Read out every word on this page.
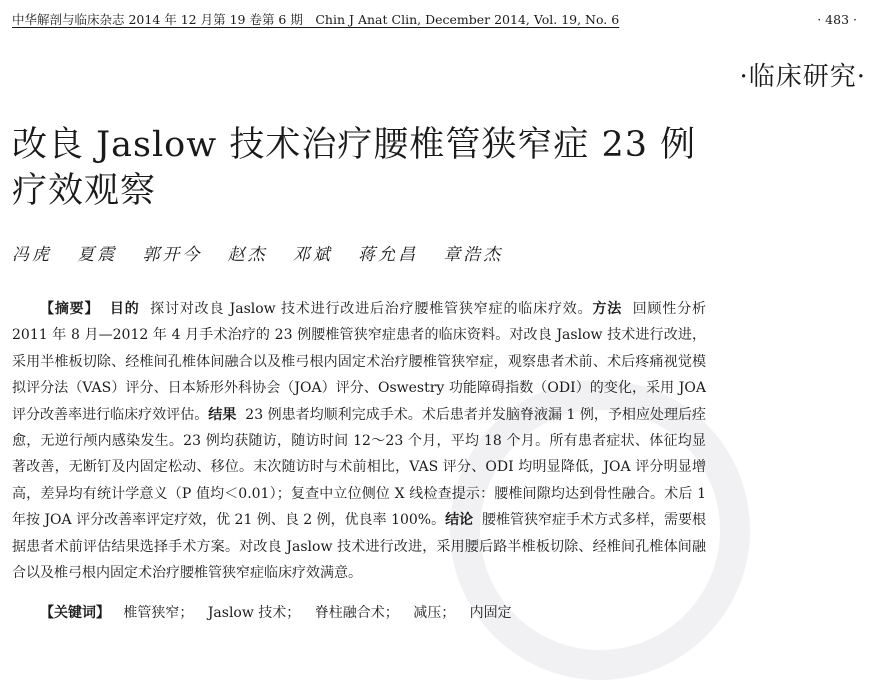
中华解剖与临床杂志 2014 年 12 月第 19 卷第 6 期　Chin J Anat Clin, December 2014, Vol. 19, No. 6	· 483 ·
·临床研究·
改良 Jaslow 技术治疗腰椎管狭窄症 23 例
疗效观察
冯虎 夏震 郭开今 赵杰 邓斌 蒋允昌 章浩杰

【摘要】 目的 探讨对改良 Jaslow 技术进行改进后治疗腰椎管狭窄症的临床疗效。方法 回顾性分析 2011 年 8 月—2012 年 4 月手术治疗的 23 例腰椎管狭窄症患者的临床资料。对改良 Jaslow 技术进行改进，采用半椎板切除、经椎间孔椎体间融合以及椎弓根内固定术治疗腰椎管狭窄症，观察患者术前、术后疼痛视觉模拟评分法（VAS）评分、日本矫形外科协会（JOA）评分、Oswestry 功能障碍指数（ODI）的变化，采用 JOA 评分改善率进行临床疗效评估。结果 23 例患者均顺利完成手术。术后患者并发脑脊液漏 1 例，予相应处理后痊愈，无逆行颅内感染发生。23 例均获随访，随访时间 12～23 个月，平均 18 个月。所有患者症状、体征均显著改善，无断钉及内固定松动、移位。末次随访时与术前相比，VAS 评分、ODI 均明显降低，JOA 评分明显增高，差异均有统计学意义（P 值均＜0.01）；复查中立位侧位 X 线检查提示：腰椎间隙均达到骨性融合。术后 1 年按 JOA 评分改善率评定疗效，优 21 例、良 2 例，优良率 100%。结论 腰椎管狭窄症手术方式多样，需要根据患者术前评估结果选择手术方案。对改良 Jaslow 技术进行改进，采用腰后路半椎板切除、经椎间孔椎体间融合以及椎弓根内固定术治疗腰椎管狭窄症临床疗效满意。

【关键词】 椎管狭窄； Jaslow 技术； 脊柱融合术； 减压； 内固定
